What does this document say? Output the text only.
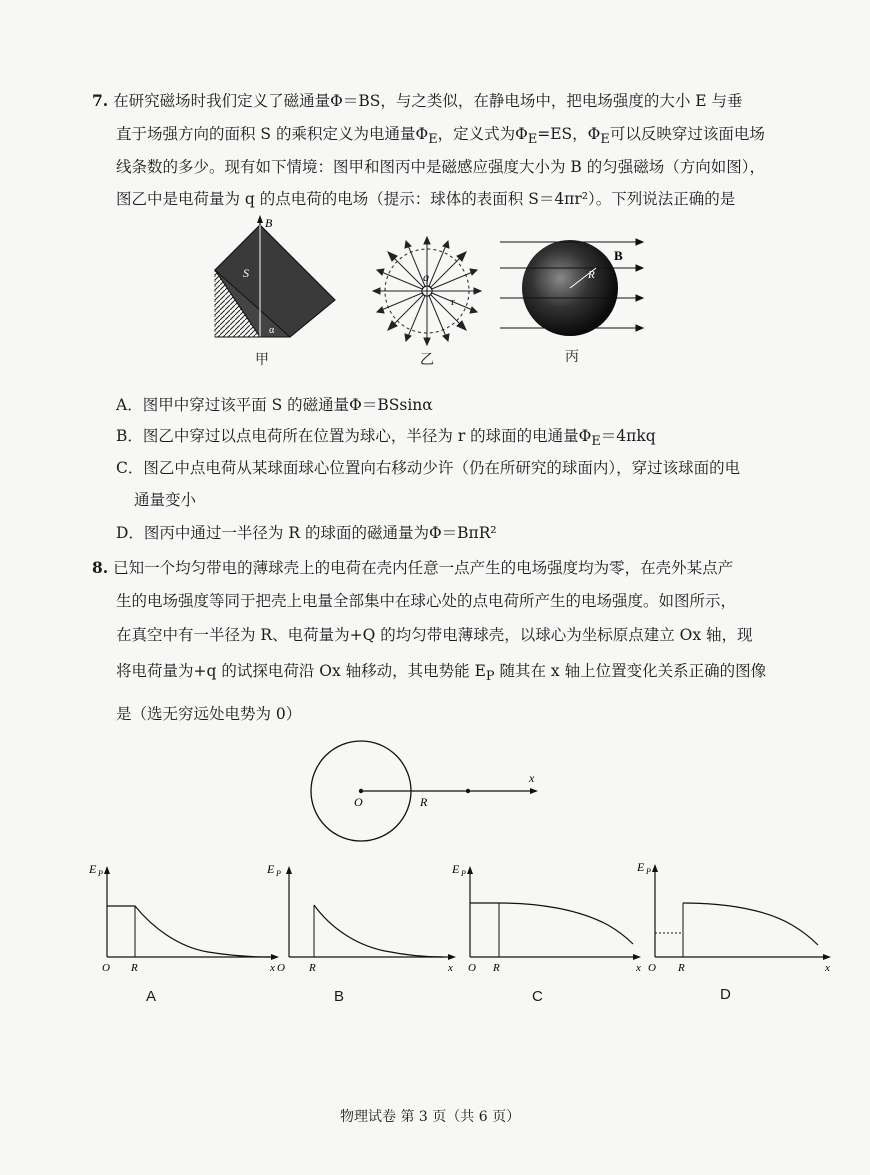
7. 在研究磁场时我们定义了磁通量Φ＝BS，与之类似，在静电场中，把电场强度的大小 E 与垂
直于场强方向的面积 S 的乘积定义为电通量$\Phi_E$，定义式为$\Phi_E=ES$，$\Phi_E$可以反映穿过该面电场
线条数的多少。现有如下情境：图甲和图丙中是磁感应强度大小为 B 的匀强磁场（方向如图），
图乙中是电荷量为 q 的点电荷的电场（提示：球体的表面积 S＝4πr²）。下列说法正确的是
B
S
α
甲
q
r
乙
R
B
丙
A．图甲中穿过该平面 S 的磁通量Φ＝BSsinα
B．图乙中穿过以点电荷所在位置为球心，半径为 r 的球面的电通量$\Phi_E=4\pi kq$
C．图乙中点电荷从某球面球心位置向右移动少许（仍在所研究的球面内），穿过该球面的电
通量变小
D．图丙中通过一半径为 R 的球面的磁通量为Φ＝BπR²
8. 已知一个均匀带电的薄球壳上的电荷在壳内任意一点产生的电场强度均为零，在壳外某点产
生的电场强度等同于把壳上电量全部集中在球心处的点电荷所产生的电场强度。如图所示，
在真空中有一半径为 R、电荷量为+Q 的均匀带电薄球壳，以球心为坐标原点建立 Ox 轴，现
将电荷量为+q 的试探电荷沿 Ox 轴移动，其电势能 $E_P$ 随其在 x 轴上位置变化关系正确的图像
是（选无穷远处电势为 0）
O	R
x
E P
O R	x
A
E P
O R	x
B
E P
O R	x
C
E P
O R	x
D
物理试卷 第 3 页（共 6 页）
